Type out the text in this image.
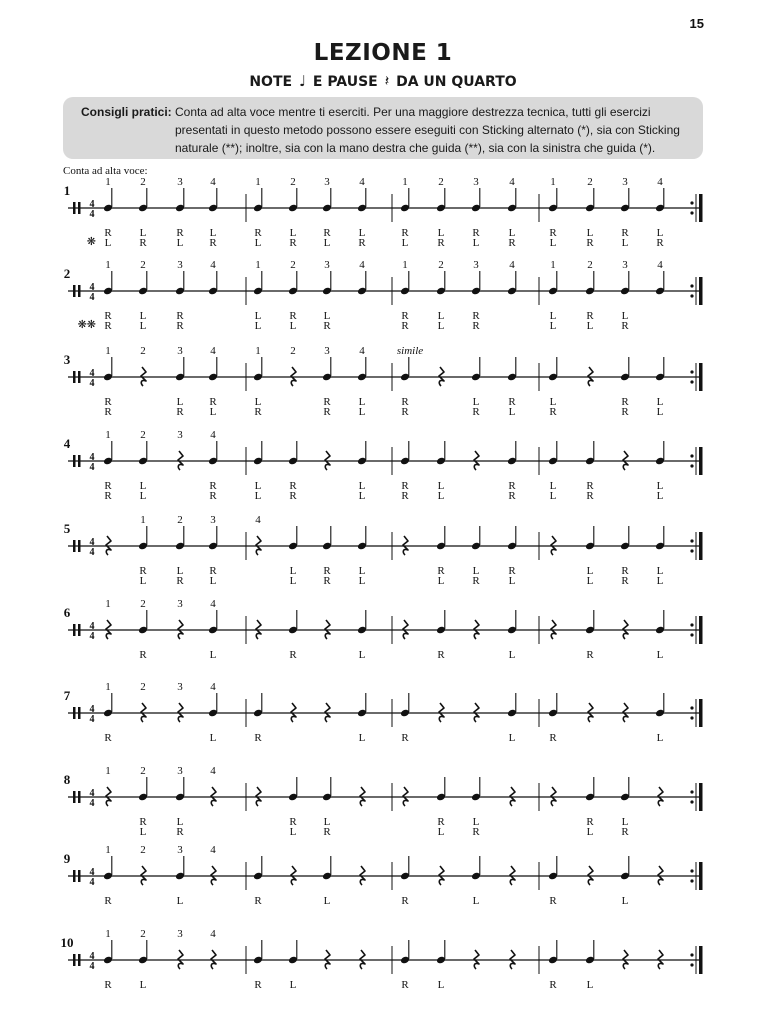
15
LEZIONE 1
NOTE ♩ E PAUSE 𝄽 DA UN QUARTO
Consigli pratici: Conta ad alta voce mentre ti eserciti. Per una maggiore destrezza tecnica, tutti gli esercizi presentati in questo metodo possono essere eseguiti con Sticking alternato (*), sia con Sticking naturale (**); inoltre, sia con la mano destra che guida (**), sia con la sinistra che guida (*).
Conta ad alta voce:
1
4
4
1	2	3	4	1	2	3	4	1	2	3	4	1	2	3	4
❋
R	L	R L	R	L R	L	R	L	R	L	R	L	R	L
L	R	L R	L	R L	R	L	R	L	R	L	R	L	R
2
4
4
1	2	3	4	1	2	3	4	1	2	3	4	1	2	3	4
❋❋
R	L	R	L	R L	R	L	R	L	R	L
R	L	R	L	L R	R	L	R	L	L	R
3
4
4
1	2	3	4	1	2	3	4	simile
R	L R	L	R	L	R	L	R	L	R	L
R	R L	R	R	L	R	R	L	R	R	L
4
4
4
1	2	3	4
R	L	R	L	R	L	R	L	R	L	R	L
R	L	R	L	R	L	R	L	R	L	R	L
5
4
4
1	2	3	4
R	L R	L R	L	R	L	R	L	R	L
L	R L	L R	L	L	R	L	L	R	L
6
4
4
1	2	3	4
R	L	R	L	R	L	R	L
7
4
4
1	2	3	4
R	L	R	L	R	L	R	L
8
4
4
1	2	3	4
R	L	R L	R	L	R	L
L	R	L R	L	R	L	R
9
4
4
1	2	3	4
R	L	R	L	R	L	R	L
10
4
4
1	2	3	4
R	L	R	L	R	L	R	L
